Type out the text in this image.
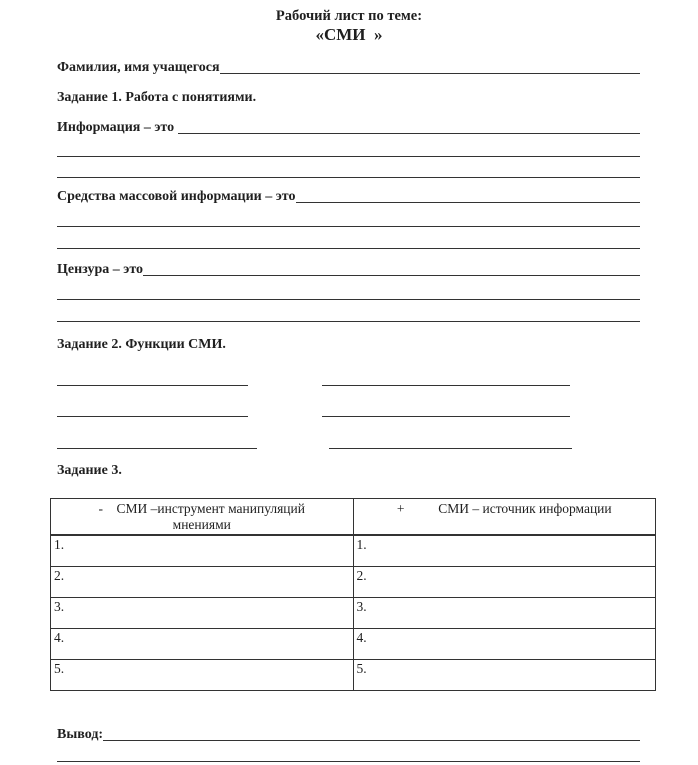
Рабочий лист по теме:
«СМИ  »
Фамилия, имя учащегося
Задание 1. Работа с понятиями.
Информация – это
Средства массовой информации – это
Цензура – это
Задание 2. Функции СМИ.
Задание 3.
-    СМИ –инструмент манипуляций
мнениями	+          СМИ – источник информации

1.	1.
2.	2.
3.	3.
4.	4.
5.	5.
Вывод:
